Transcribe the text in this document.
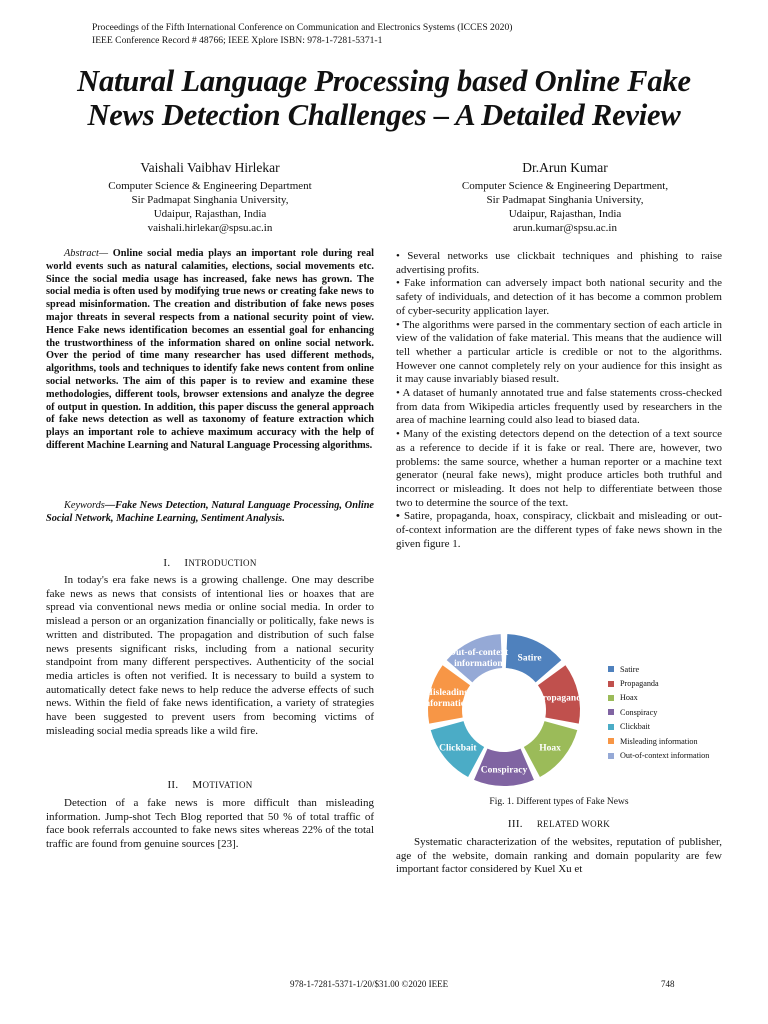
Proceedings of the Fifth International Conference on Communication and Electronics Systems (ICCES 2020)
IEEE Conference Record # 48766; IEEE Xplore ISBN: 978-1-7281-5371-1
Natural Language Processing based Online Fake
News Detection Challenges – A Detailed Review
Vaishali Vaibhav Hirlekar
Computer Science & Engineering Department
Sir Padmapat Singhania University,
Udaipur, Rajasthan, India
vaishali.hirlekar@spsu.ac.in
Dr.Arun Kumar
Computer Science & Engineering Department,
Sir Padmapat Singhania University,
Udaipur, Rajasthan, India
arun.kumar@spsu.ac.in
Abstract— Online social media plays an important role during real world events such as natural calamities, elections, social movements etc. Since the social media usage has increased, fake news has grown. The social media is often used by modifying true news or creating fake news to spread misinformation. The creation and distribution of fake news poses major threats in several respects from a national security point of view. Hence Fake news identification becomes an essential goal for enhancing the trustworthiness of the information shared on online social network. Over the period of time many researcher has used different methods, algorithms, tools and techniques to identify fake news content from online social networks. The aim of this paper is to review and examine these methodologies, different tools, browser extensions and analyze the degree of output in question. In addition, this paper discuss the general approach of fake news detection as well as taxonomy of feature extraction which plays an important role to achieve maximum accuracy with the help of different Machine Learning and Natural Language Processing algorithms.
Keywords—Fake News Detection, Natural Language Processing, Online Social Network, Machine Learning, Sentiment Analysis.
I. INTRODUCTION
In today's era fake news is a growing challenge. One may describe fake news as news that consists of intentional lies or hoaxes that are spread via conventional news media or online social media. In order to mislead a person or an organization financially or politically, fake news is written and distributed. The propagation and distribution of such false news presents significant risks, including from a national security standpoint from many different perspectives. Authenticity of the social media articles is often not verified. It is necessary to build a system to automatically detect fake news to help reduce the adverse effects of such news. Within the field of fake news identification, a variety of strategies have been suggested to prevent users from becoming victims of misleading social media spreads like a wild fire.
II. MOTIVATION
Detection of a fake news is more difficult than misleading information. Jump-shot Tech Blog reported that 50 % of total traffic of face book referrals accounted to fake news sites whereas 22% of the total traffic are found from genuine sources [23].

• Several networks use clickbait techniques and phishing to raise advertising profits.

• Fake information can adversely impact both national security and the safety of individuals, and detection of it has become a common problem of cyber-security application layer.

• The algorithms were parsed in the commentary section of each article in view of the validation of fake material. This means that the audience will tell whether a particular article is credible or not to the algorithms. However one cannot completely rely on your audience for this insight as it may cause invariably biased result.

• A dataset of humanly annotated true and false statements cross-checked from data from Wikipedia articles frequently used by researchers in the area of machine learning could also lead to biased data.

• Many of the existing detectors depend on the detection of a text source as a reference to decide if it is fake or real. There are, however, two problems: the same source, whether a human reporter or a machine text generator (neural fake news), might produce articles both truthful and incorrect or misleading. It does not help to differentiate between those two to determine the source of the text.

• Satire, propaganda, hoax, conspiracy, clickbait and misleading or out-of-context information are the different types of fake news shown in the given figure 1.

Satire
Propaganda
Hoax
Conspiracy
Clickbait
Misleading information
Out-of-context information
Satire
Propaganda
Hoax
Conspiracy
Clickbait
Misleading information
Out-of-context information
Fig. 1. Different types of Fake News
III. RELATED WORK
Systematic characterization of the websites, reputation of publisher, age of the website, domain ranking and domain popularity are few important factor considered by Kuel Xu et
978-1-7281-5371-1/20/$31.00 ©2020 IEEE	748
